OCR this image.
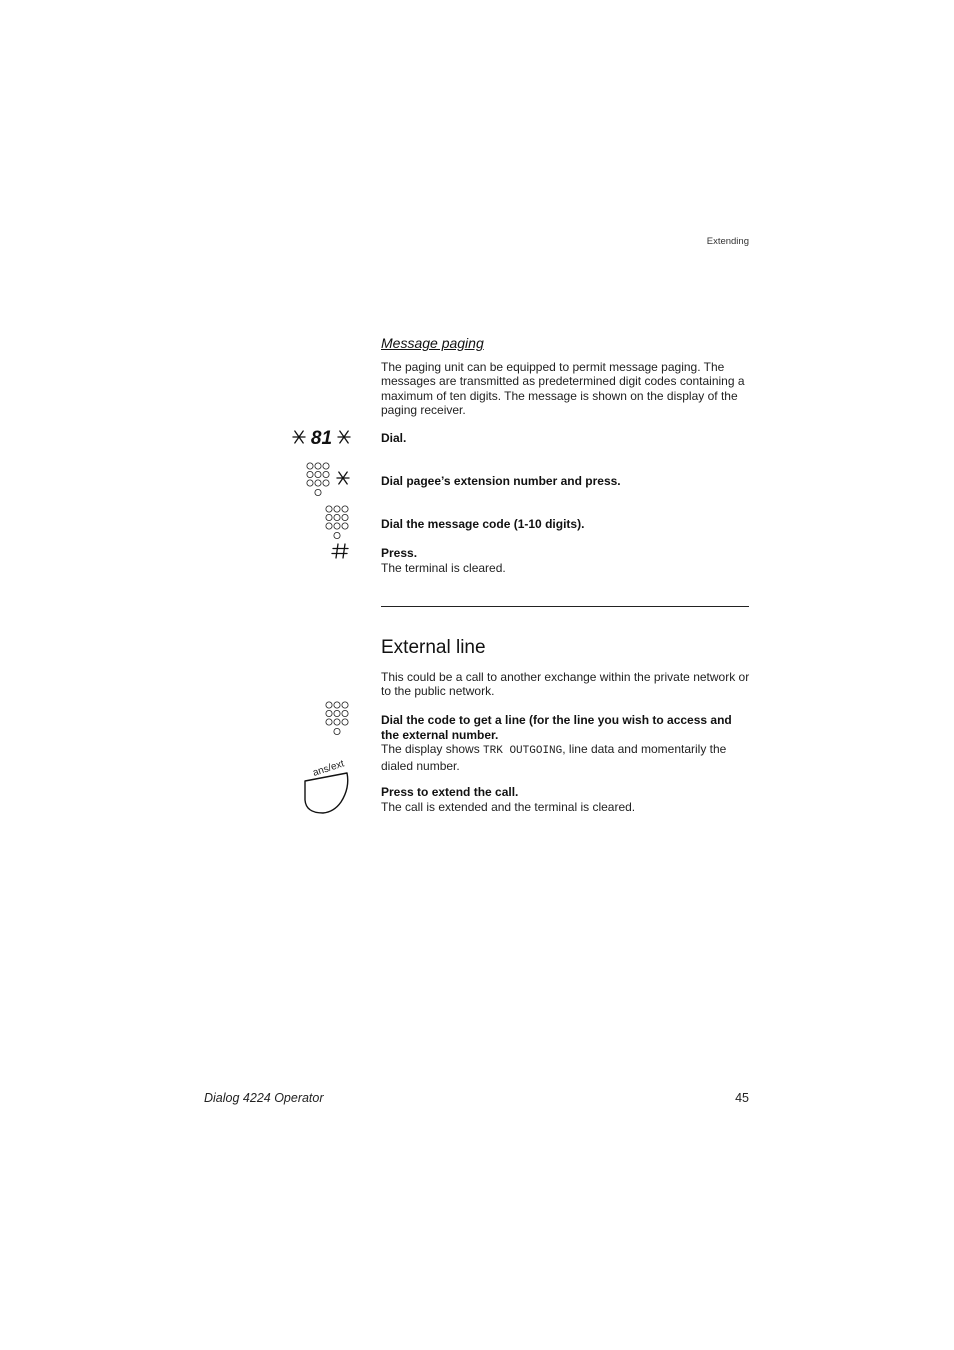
Extending
Message paging
The paging unit can be equipped to permit message paging. The messages are transmitted as predetermined digit codes containing a maximum of ten digits. The message is shown on the display of the paging receiver.
81	Dial.
Dial pagee’s extension number and press.
Dial the message code (1-10 digits).
Press.
The terminal is cleared.
External line
This could be a call to another exchange within the private network or to the public network.
Dial the code to get a line (for the line you wish to access and the external number.
The display shows TRK OUTGOING, line data and momentarily the dialed number.
ans/ext
Press to extend the call.
The call is extended and the terminal is cleared.
Dialog 4224 Operator	45
